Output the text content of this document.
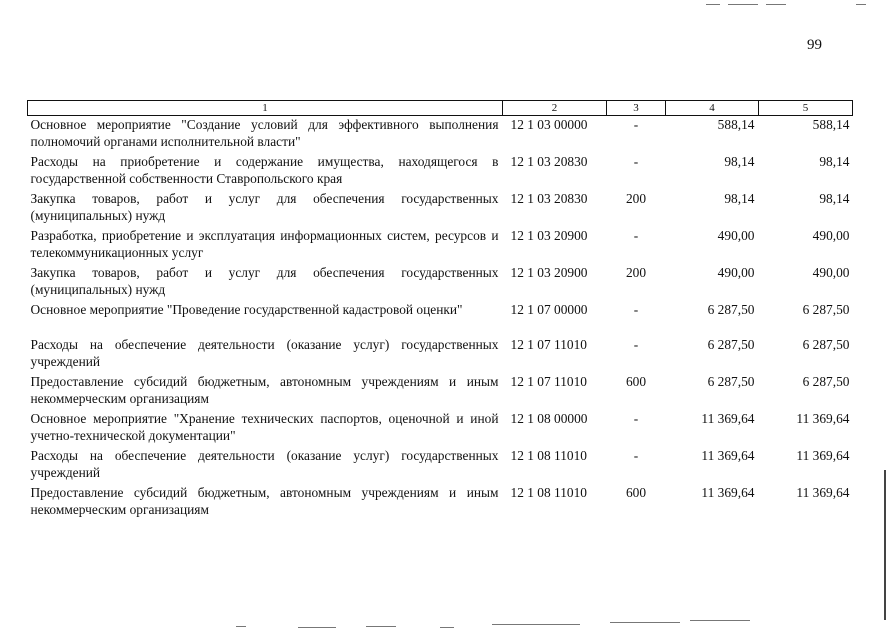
99
1	2	3	4	5
Основное мероприятие "Создание условий для эффективного выполнения полномочий органами исполнительной власти"	12 1 03 00000	-	588,14	588,14
Расходы на приобретение и содержание имущества, находящегося в государственной собственности Ставропольского края	12 1 03 20830	-	98,14	98,14
Закупка товаров, работ и услуг для обеспечения государственных (муниципальных) нужд	12 1 03 20830	200	98,14	98,14
Разработка, приобретение и эксплуатация информационных систем, ресурсов и телекоммуникационных услуг	12 1 03 20900	-	490,00	490,00
Закупка товаров, работ и услуг для обеспечения государственных (муниципальных) нужд	12 1 03 20900	200	490,00	490,00
Основное мероприятие "Проведение государственной кадастровой оценки"	12 1 07 00000	-	6 287,50	6 287,50
Расходы на обеспечение деятельности (оказание услуг) государственных учреждений	12 1 07 11010	-	6 287,50	6 287,50
Предоставление субсидий бюджетным, автономным учреждениям и иным некоммерческим организациям	12 1 07 11010	600	6 287,50	6 287,50
Основное мероприятие "Хранение технических паспортов, оценочной и иной учетно-технической документации"	12 1 08 00000	-	11 369,64	11 369,64
Расходы на обеспечение деятельности (оказание услуг) государственных учреждений	12 1 08 11010	-	11 369,64	11 369,64
Предоставление субсидий бюджетным, автономным учреждениям и иным некоммерческим организациям	12 1 08 11010	600	11 369,64	11 369,64
